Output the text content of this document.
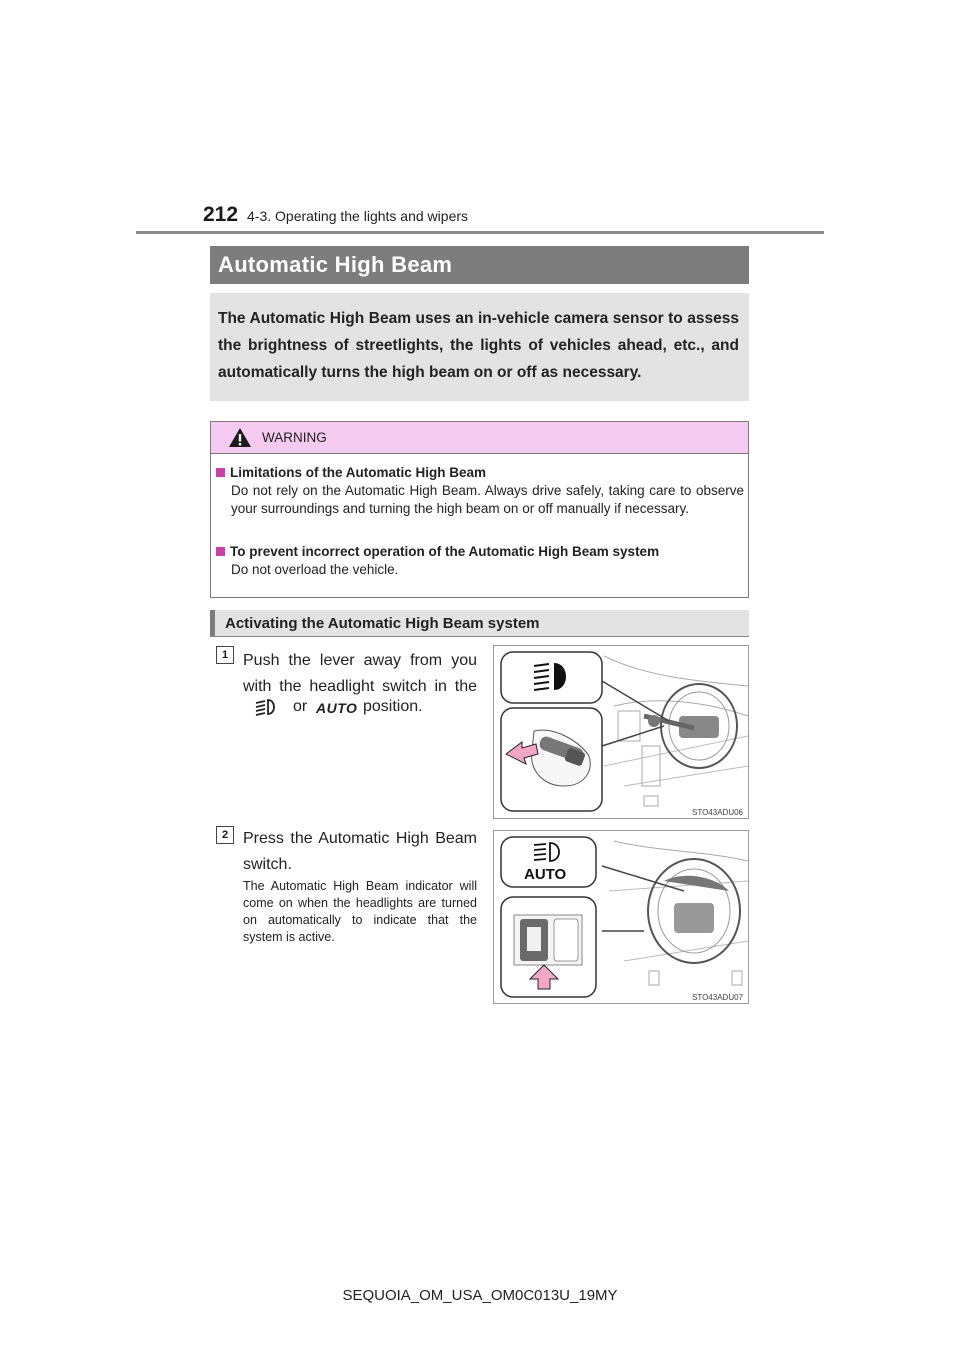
212 4-3. Operating the lights and wipers
Automatic High Beam
The Automatic High Beam uses an in-vehicle camera sensor to assess the brightness of streetlights, the lights of vehicles ahead, etc., and automatically turns the high beam on or off as necessary.
WARNING
Limitations of the Automatic High Beam
Do not rely on the Automatic High Beam. Always drive safely, taking care to observe your surroundings and turning the high beam on or off manually if necessary.
To prevent incorrect operation of the Automatic High Beam system
Do not overload the vehicle.
Activating the Automatic High Beam system
1 Push the lever away from you
with the headlight switch in the
or AUTO position.
STO43ADU06
2 Press the Automatic High Beam switch.
The Automatic High Beam indicator will come on when the headlights are turned on automatically to indicate that the system is active.
AUTO
STO43ADU07
SEQUOIA_OM_USA_OM0C013U_19MY
